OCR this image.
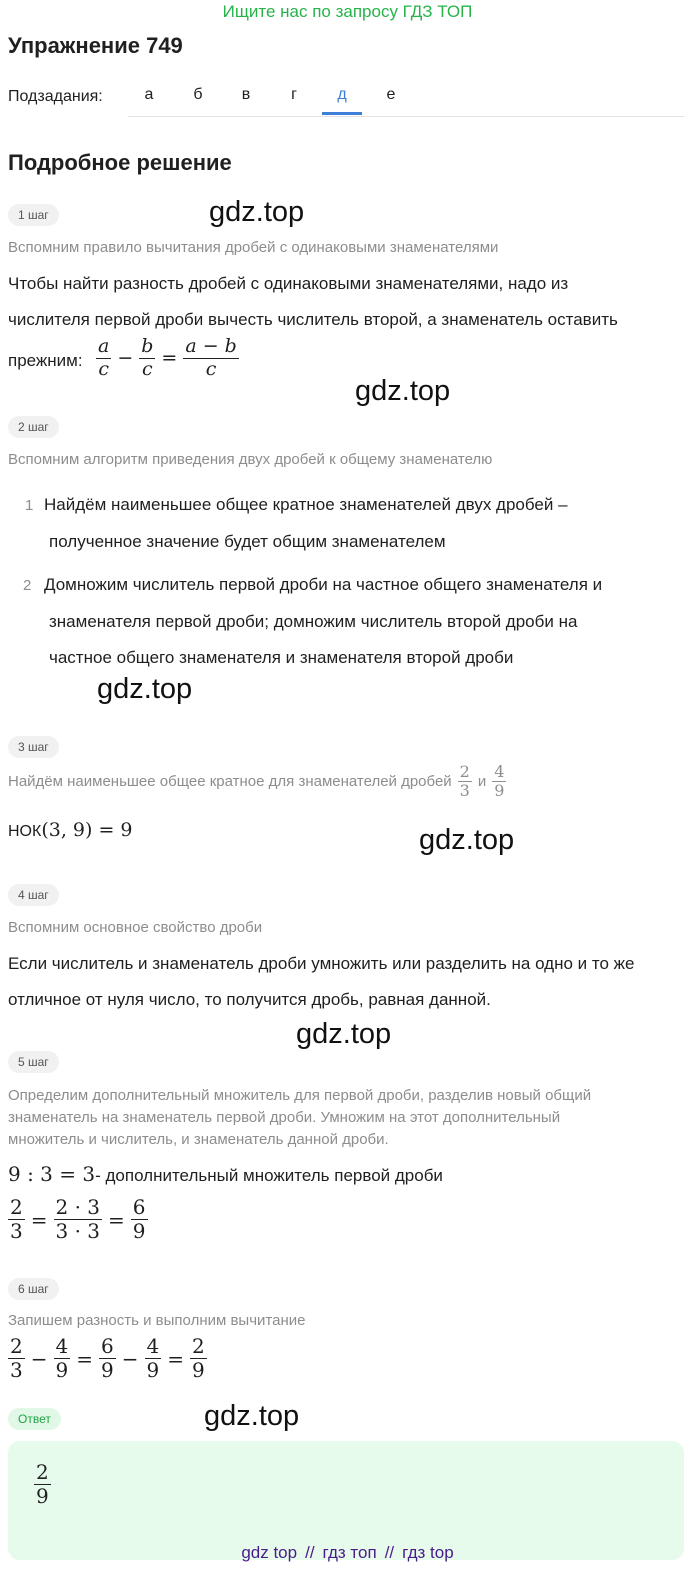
Ищите нас по запросу ГДЗ ТОП
Упражнение 749
Подзадания:	а	б	в	г	д	е
Подробное решение
1 шаг	gdz.top
Вспомним правило вычитания дробей с одинаковыми знаменателями
Чтобы найти разность дробей с одинаковыми знаменателями, надо из
числителя первой дроби вычесть числитель второй, а знаменатель оставить
прежним: $\frac{a}{c} - \frac{b}{c} = \frac{a - b}{c}$
gdz.top
2 шаг
Вспомним алгоритм приведения двух дробей к общему знаменателю
1 Найдём наименьшее общее кратное знаменателей двух дробей –
полученное значение будет общим знаменателем
2 Домножим числитель первой дроби на частное общего знаменателя и
знаменателя первой дроби; домножим числитель второй дроби на
частное общего знаменателя и знаменателя второй дроби
gdz.top
3 шаг
Найдём наименьшее общее кратное для знаменателей дробей $\frac{2}{3}$ и $\frac{4}{9}$
НОК (3, 9) = 9	gdz.top
4 шаг
Вспомним основное свойство дроби
Если числитель и знаменатель дроби умножить или разделить на одно и то же
отличное от нуля число, то получится дробь, равная данной.
gdz.top
5 шаг
Определим дополнительный множитель для первой дроби, разделив новый общий
знаменатель на знаменатель первой дроби. Умножим на этот дополнительный
множитель и числитель, и знаменатель данной дроби.
9 : 3 = 3 - дополнительный множитель первой дроби
$\frac{2}{3} = \frac{2 \cdot 3}{3 \cdot 3} = \frac{6}{9}$
6 шаг
Запишем разность и выполним вычитание
$\frac{2}{3} - \frac{4}{9} = \frac{6}{9} - \frac{4}{9} = \frac{2}{9}$
Ответ	gdz.top
$\frac{2}{9}$
gdz top // гдз топ // гдз top
